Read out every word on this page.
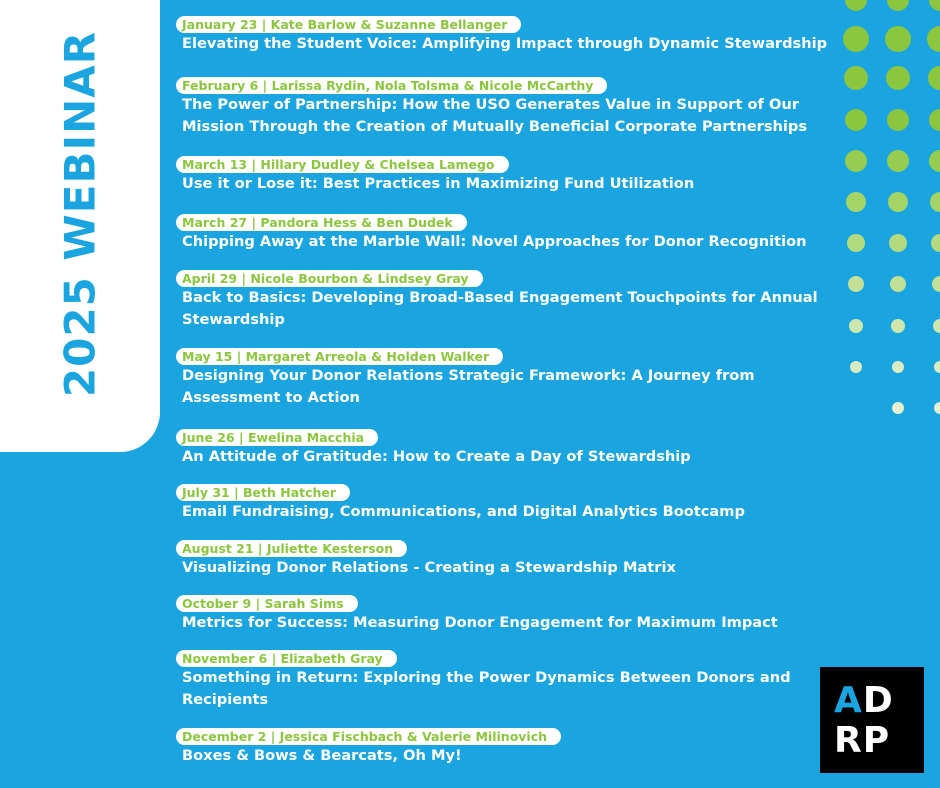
2025 WEBINAR
January 23 | Kate Barlow & Suzanne Bellanger
Elevating the Student Voice: Amplifying Impact through Dynamic Stewardship
February 6 | Larissa Rydin, Nola Tolsma & Nicole McCarthy
The Power of Partnership: How the USO Generates Value in Support of Our
Mission Through the Creation of Mutually Beneficial Corporate Partnerships
March 13 | Hillary Dudley & Chelsea Lamego
Use it or Lose it: Best Practices in Maximizing Fund Utilization
March 27 | Pandora Hess & Ben Dudek
Chipping Away at the Marble Wall: Novel Approaches for Donor Recognition
April 29 | Nicole Bourbon & Lindsey Gray
Back to Basics: Developing Broad-Based Engagement Touchpoints for Annual
Stewardship
May 15 | Margaret Arreola & Holden Walker
Designing Your Donor Relations Strategic Framework: A Journey from
Assessment to Action
June 26 | Ewelina Macchia
An Attitude of Gratitude: How to Create a Day of Stewardship
July 31 | Beth Hatcher
Email Fundraising, Communications, and Digital Analytics Bootcamp
August 21 | Juliette Kesterson
Visualizing Donor Relations - Creating a Stewardship Matrix
October 9 | Sarah Sims
Metrics for Success: Measuring Donor Engagement for Maximum Impact
November 6 | Elizabeth Gray
Something in Return: Exploring the Power Dynamics Between Donors and
Recipients
December 2 | Jessica Fischbach & Valerie Milinovich
Boxes & Bows & Bearcats, Oh My!
AD
RP
